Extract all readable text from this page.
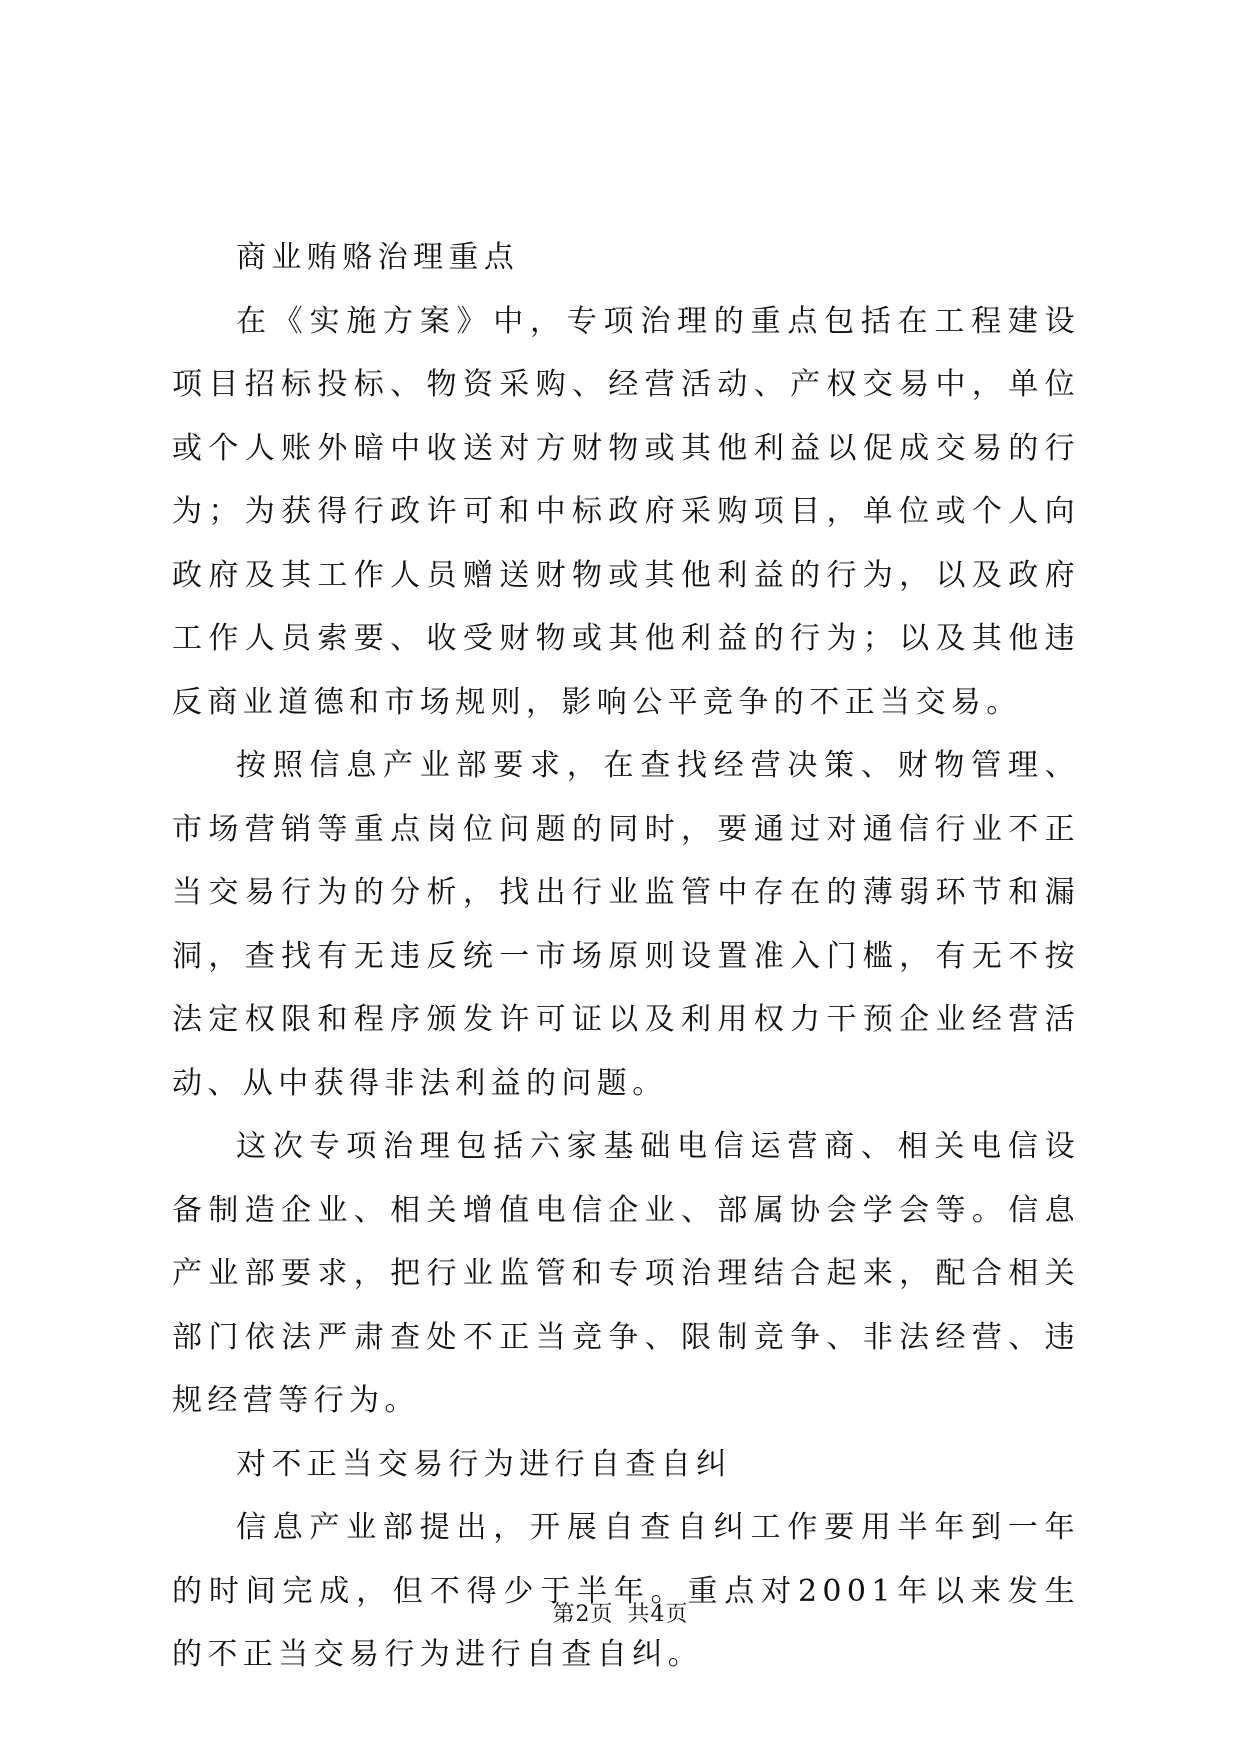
商业贿赂治理重点

在《实施方案》中，专项治理的重点包括在工程建设项目招标投标、物资采购、经营活动、产权交易中，单位或个人账外暗中收送对方财物或其他利益以促成交易的行为；为获得行政许可和中标政府采购项目，单位或个人向政府及其工作人员赠送财物或其他利益的行为，以及政府工作人员索要、收受财物或其他利益的行为；以及其他违反商业道德和市场规则，影响公平竞争的不正当交易。

按照信息产业部要求，在查找经营决策、财物管理、市场营销等重点岗位问题的同时，要通过对通信行业不正当交易行为的分析，找出行业监管中存在的薄弱环节和漏洞，查找有无违反统一市场原则设置准入门槛，有无不按法定权限和程序颁发许可证以及利用权力干预企业经营活动、从中获得非法利益的问题。

这次专项治理包括六家基础电信运营商、相关电信设备制造企业、相关增值电信企业、部属协会学会等。信息产业部要求，把行业监管和专项治理结合起来，配合相关部门依法严肃查处不正当竞争、限制竞争、非法经营、违规经营等行为。

对不正当交易行为进行自查自纠

信息产业部提出，开展自查自纠工作要用半年到一年的时间完成，但不得少于半年。重点对2001年以来发生的不正当交易行为进行自查自纠。

第2页 共4页
